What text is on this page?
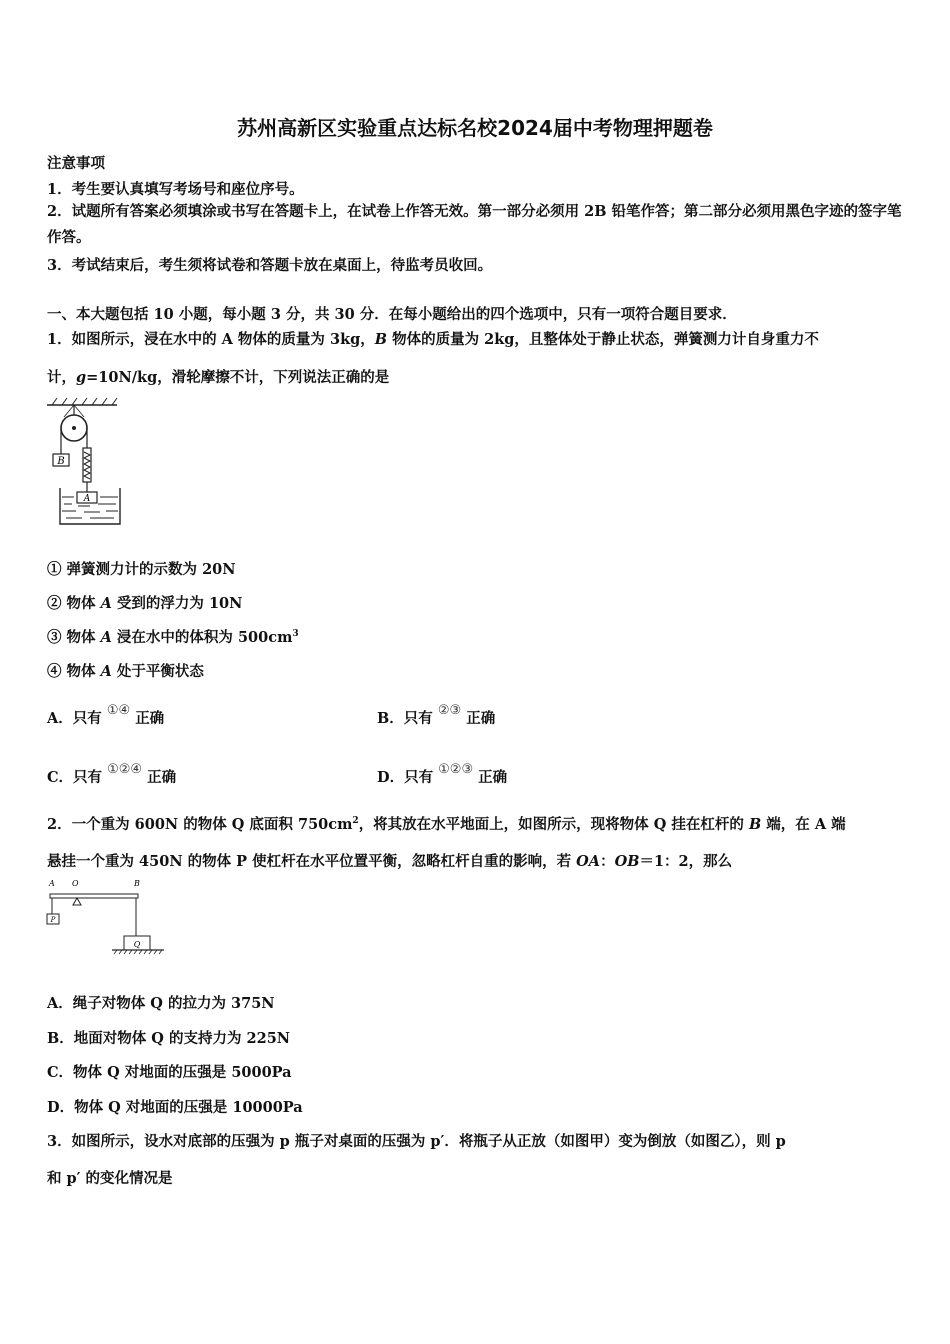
苏州高新区实验重点达标名校2024届中考物理押题卷
注意事项
1．考生要认真填写考场号和座位序号。
2．试题所有答案必须填涂或书写在答题卡上，在试卷上作答无效。第一部分必须用 2B 铅笔作答；第二部分必须用黑色字迹的签字笔作答。
3．考试结束后，考生须将试卷和答题卡放在桌面上，待监考员收回。
一、本大题包括 10 小题，每小题 3 分，共 30 分．在每小题给出的四个选项中，只有一项符合题目要求．
1．如图所示，浸在水中的 A 物体的质量为 3kg，B 物体的质量为 2kg，且整体处于静止状态，弹簧测力计自身重力不
计，g=10N/kg，滑轮摩擦不计，下列说法正确的是
B
A
① 弹簧测力计的示数为 20N
② 物体 A 受到的浮力为 10N
③ 物体 A 浸在水中的体积为 $500cm^3$
④ 物体 A 处于平衡状态
A．只有 ①④ 正确	B．只有 ②③ 正确
C．只有 ①②④ 正确	D．只有 ①②③ 正确
2．一个重为 600N 的物体 Q 底面积 $750cm^2$，将其放在水平地面上，如图所示，现将物体 Q 挂在杠杆的 B 端，在 A 端
悬挂一个重为 450N 的物体 P 使杠杆在水平位置平衡，忽略杠杆自重的影响，若 OA：OB＝1：2，那么
A O	B
P
Q
A．绳子对物体 Q 的拉力为 375N
B．地面对物体 Q 的支持力为 225N
C．物体 Q 对地面的压强是 5000Pa
D．物体 Q 对地面的压强是 10000Pa
3．如图所示，设水对底部的压强为 p 瓶子对桌面的压强为 p′．将瓶子从正放（如图甲）变为倒放（如图乙），则 p
和 p′ 的变化情况是
